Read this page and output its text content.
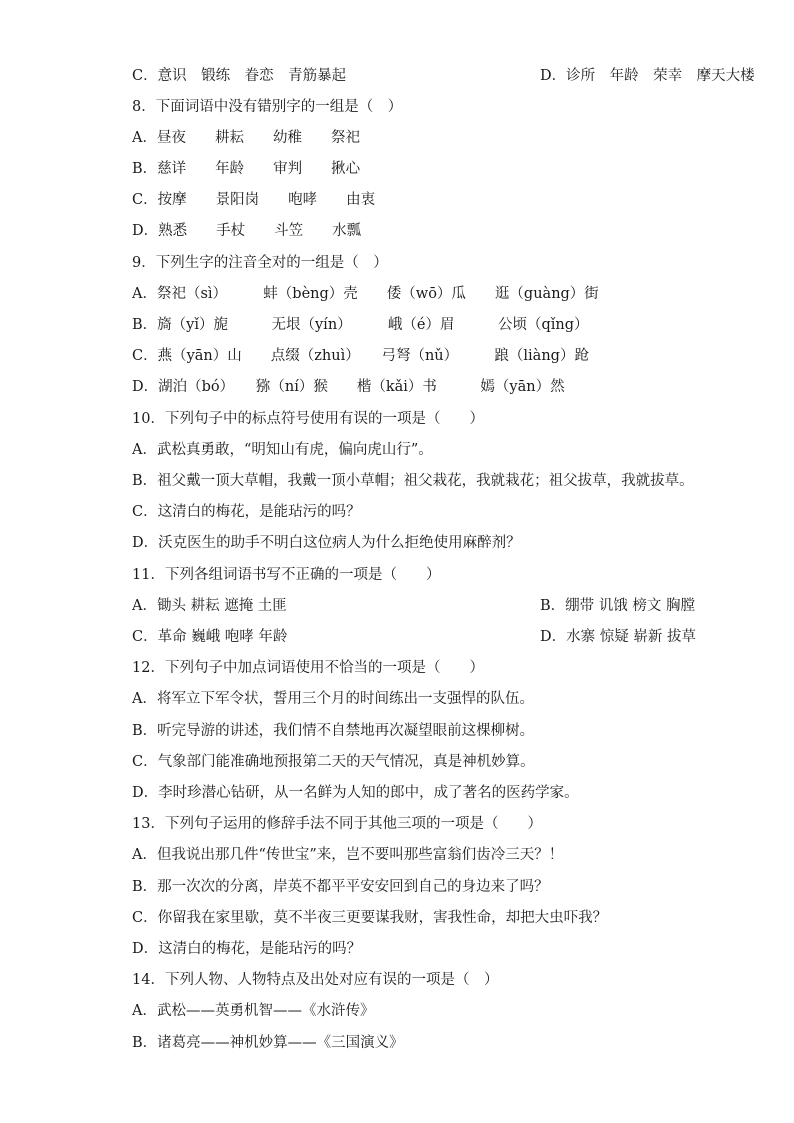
C．意识　锻练　眷恋　青筋暴起	D．诊所　年龄　荣幸　摩天大楼
8．下面词语中没有错别字的一组是（　）
A．昼夜　　耕耘　　幼稚　　祭祀
B．慈详　　年龄　　审判　　揪心
C．按摩　　景阳岗　　咆哮　　由衷
D．熟悉　　手杖　　斗笠　　水瓢
9．下列生字的注音全对的一组是（　）
A．祭祀（sì）　　　蚌（bèng）壳　　倭（wō）瓜　　逛（guàng）街
B．旖（yǐ）旎　　　无垠（yín）　　　峨（é）眉　　　公顷（qǐng）
C．燕（yān）山　　点缀（zhuì）　　弓弩（nǔ）　　　踉（liàng）跄
D．湖泊（bó）　　猕（ní）猴　　楷（kǎi）书　　　嫣（yān）然
10．下列句子中的标点符号使用有误的一项是（　　）
A．武松真勇敢，“明知山有虎，偏向虎山行”。
B．祖父戴一顶大草帽，我戴一顶小草帽；祖父栽花，我就栽花；祖父拔草，我就拔草。
C．这清白的梅花，是能玷污的吗？
D．沃克医生的助手不明白这位病人为什么拒绝使用麻醉剂？
11．下列各组词语书写不正确的一项是（　　）
A．锄头 耕耘 遮掩 土匪	B．绷带 讥饿 榜文 胸膛
C．革命 巍峨 咆哮 年龄	D．水寨 惊疑 崭新 拔草
12．下列句子中加点词语使用不恰当的一项是（　　）
A．将军立下军令状，誓用三个月的时间练出一支强悍的队伍。
B．听完导游的讲述，我们情不自禁地再次凝望眼前这棵柳树。
C．气象部门能准确地预报第二天的天气情况，真是神机妙算。
D．李时珍潜心钻研，从一名鲜为人知的郎中，成了著名的医药学家。
13．下列句子运用的修辞手法不同于其他三项的一项是（　　）
A．但我说出那几件“传世宝”来，岂不要叫那些富翁们齿冷三天？！
B．那一次次的分离，岸英不都平平安安回到自己的身边来了吗？
C．你留我在家里歇，莫不半夜三更要谋我财，害我性命，却把大虫吓我？
D．这清白的梅花，是能玷污的吗？
14．下列人物、人物特点及出处对应有误的一项是（　）
A．武松——英勇机智——《水浒传》
B．诸葛亮——神机妙算——《三国演义》
